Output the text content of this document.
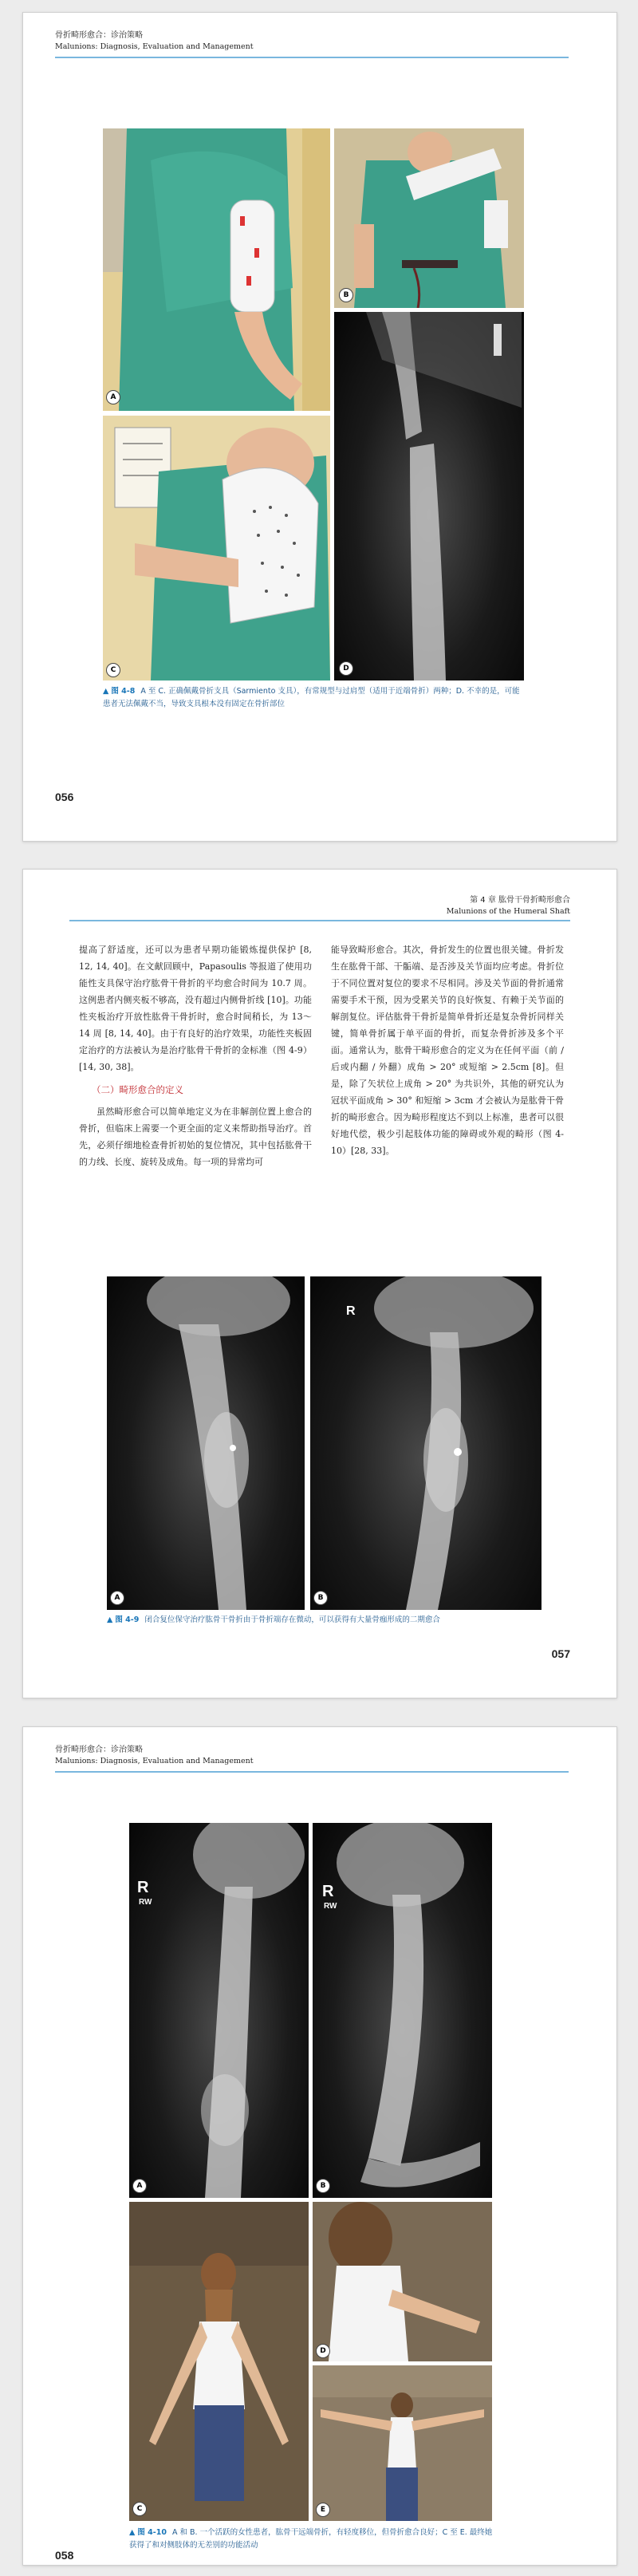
骨折畸形愈合：诊治策略
Malunions: Diagnosis, Evaluation and Management
A
B
C	D
▲ 图 4-8 A 至 C. 正确佩戴骨折支具（Sarmiento 支具），有常规型与过肩型（适用于近端骨折）两种；D. 不幸的是，可能患者无法佩戴不当，导致支具根本没有固定在骨折部位
056
第 4 章 肱骨干骨折畸形愈合
Malunions of the Humeral Shaft

提高了舒适度，还可以为患者早期功能锻炼提供保护 [8, 12, 14, 40]。在文献回顾中，Papasoulis 等报道了使用功能性支具保守治疗肱骨干骨折的平均愈合时间为 10.7 周。这例患者内侧夹板不够高，没有超过内侧骨折线 [10]。功能性夹板治疗开放性肱骨干骨折时，愈合时间稍长，为 13～14 周 [8, 14, 40]。由于有良好的治疗效果，功能性夹板固定治疗的方法被认为是治疗肱骨干骨折的金标准（图 4-9）[14, 30, 38]。

（二）畸形愈合的定义

虽然畸形愈合可以简单地定义为在非解剖位置上愈合的骨折，但临床上需要一个更全面的定义来帮助指导治疗。首先，必须仔细地检查骨折初始的复位情况，其中包括肱骨干的力线、长度、旋转及成角。每一项的异常均可

能导致畸形愈合。其次，骨折发生的位置也很关键。骨折发生在肱骨干部、干骺端、是否涉及关节面均应考虑。骨折位于不同位置对复位的要求不尽相同。涉及关节面的骨折通常需要手术干预，因为受累关节的良好恢复、有赖于关节面的解剖复位。评估肱骨干骨折是简单骨折还是复杂骨折同样关键，简单骨折属于单平面的骨折，而复杂骨折涉及多个平面。通常认为，肱骨干畸形愈合的定义为在任何平面（前 / 后或内翻 / 外翻）成角 > 20° 或短缩 > 2.5cm [8]。但是，除了矢状位上成角 > 20° 为共识外，其他的研究认为冠状平面成角 > 30° 和短缩 > 3cm 才会被认为是肱骨干骨折的畸形愈合。因为畸形程度达不到以上标准，患者可以很好地代偿，极少引起肢体功能的障碍或外观的畸形（图 4-10）[28, 33]。

A
R
B
▲ 图 4-9 闭合复位保守治疗肱骨干骨折由于骨折端存在微动，可以获得有大量骨痂形成的二期愈合
057
骨折畸形愈合：诊治策略
Malunions: Diagnosis, Evaluation and Management
R
RW
A
R
RW
B
C
D
E
▲ 图 4-10 A 和 B. 一个活跃的女性患者，肱骨干远端骨折，有轻度移位，但骨折愈合良好；C 至 E. 最终她获得了和对侧肢体的无差别的功能活动
058
